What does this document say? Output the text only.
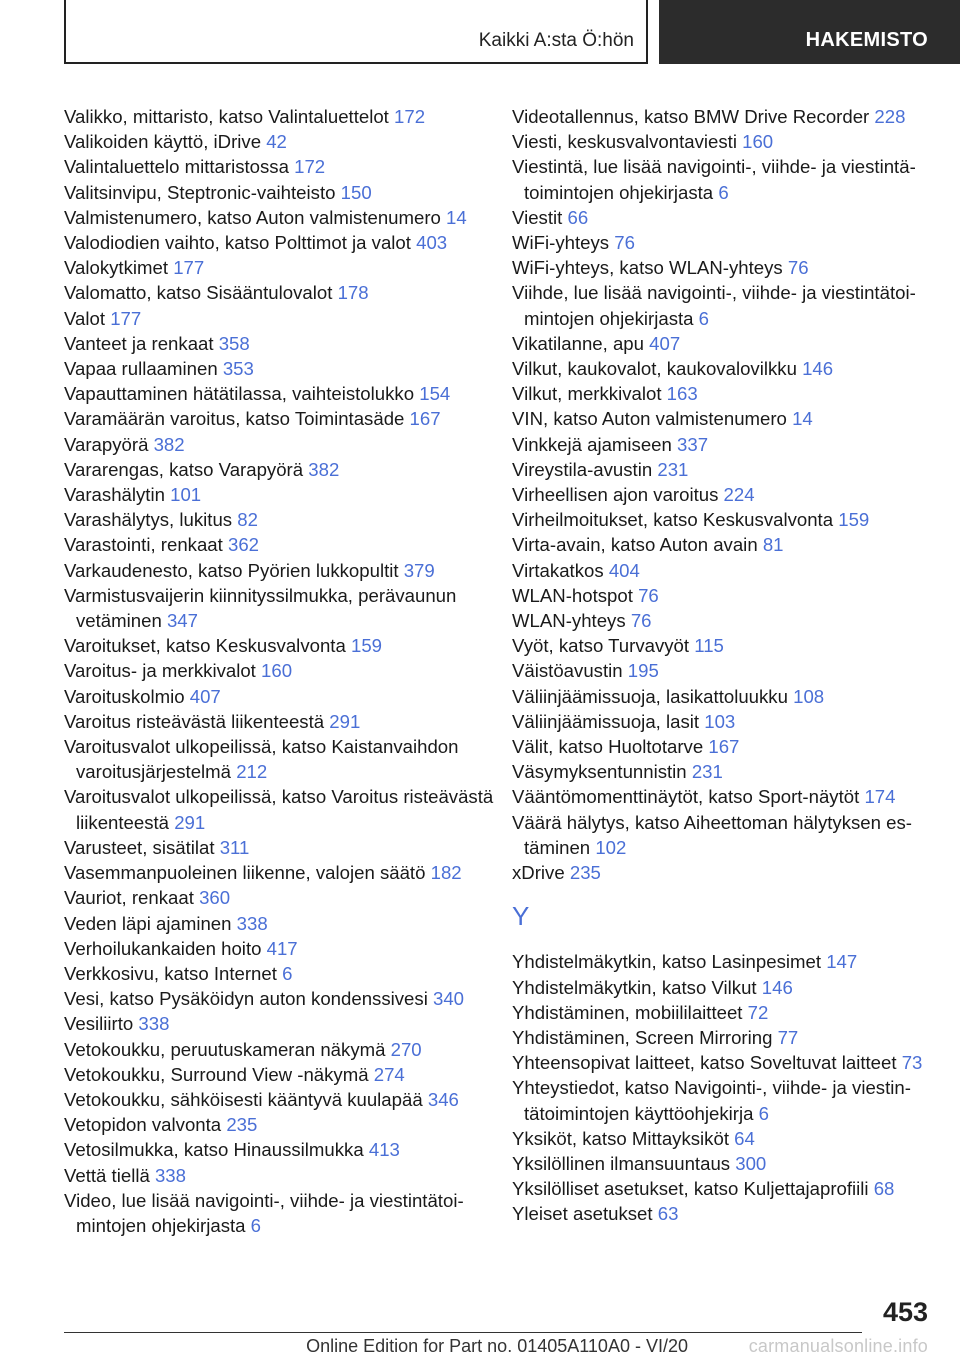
Kaikki A:sta Ö:hön	HAKEMISTO
Valikko, mittaristo, katso Valintaluettelot 172
Valikoiden käyttö, iDrive 42
Valintaluettelo mittaristossa 172
Valitsinvipu, Steptronic-vaihteisto 150
Valmistenumero, katso Auton valmistenumero 14
Valodiodien vaihto, katso Polttimot ja valot 403
Valokytkimet 177
Valomatto, katso Sisääntulovalot 178
Valot 177
Vanteet ja renkaat 358
Vapaa rullaaminen 353
Vapauttaminen hätätilassa, vaihteistolukko 154
Varamäärän varoitus, katso Toimintasäde 167
Varapyörä 382
Vararengas, katso Varapyörä 382
Varashälytin 101
Varashälytys, lukitus 82
Varastointi, renkaat 362
Varkaudenesto, katso Pyörien lukkopultit 379
Varmistusvaijerin kiinnityssilmukka, perävaunun vetäminen 347
Varoitukset, katso Keskusvalvonta 159
Varoitus- ja merkkivalot 160
Varoituskolmio 407
Varoitus risteävästä liikenteestä 291
Varoitusvalot ulkopeilissä, katso Kaistanvaihdon varoitusjärjestelmä 212
Varoitusvalot ulkopeilissä, katso Varoitus risteävästä liikenteestä 291
Varusteet, sisätilat 311
Vasemmanpuoleinen liikenne, valojen säätö 182
Vauriot, renkaat 360
Veden läpi ajaminen 338
Verhoilukankaiden hoito 417
Verkkosivu, katso Internet 6
Vesi, katso Pysäköidyn auton kondenssivesi 340
Vesiliirto 338
Vetokoukku, peruutuskameran näkymä 270
Vetokoukku, Surround View -näkymä 274
Vetokoukku, sähköisesti kääntyvä kuulapää 346
Vetopidon valvonta 235
Vetosilmukka, katso Hinaussilmukka 413
Vettä tiellä 338
Video, lue lisää navigointi-, viihde- ja viestintätoimintojen ohjekirjasta 6
Videotallennus, katso BMW Drive Recorder 228
Viesti, keskusvalvontaviesti 160
Viestintä, lue lisää navigointi-, viihde- ja viestintätoimintojen ohjekirjasta 6
Viestit 66
WiFi-yhteys 76
WiFi-yhteys, katso WLAN-yhteys 76
Viihde, lue lisää navigointi-, viihde- ja viestintätoimintojen ohjekirjasta 6
Vikatilanne, apu 407
Vilkut, kaukovalot, kaukovalovilkku 146
Vilkut, merkkivalot 163
VIN, katso Auton valmistenumero 14
Vinkkejä ajamiseen 337
Vireystila-avustin 231
Virheellisen ajon varoitus 224
Virheilmoitukset, katso Keskusvalvonta 159
Virta-avain, katso Auton avain 81
Virtakatkos 404
WLAN-hotspot 76
WLAN-yhteys 76
Vyöt, katso Turvavyöt 115
Väistöavustin 195
Väliinjäämissuoja, lasikattoluukku 108
Väliinjäämissuoja, lasit 103
Välit, katso Huoltotarve 167
Väsymyksentunnistin 231
Vääntömomenttinäytöt, katso Sport-näytöt 174
Väärä hälytys, katso Aiheettoman hälytyksen estäminen 102
xDrive 235
Y
Yhdistelmäkytkin, katso Lasinpesimet 147
Yhdistelmäkytkin, katso Vilkut 146
Yhdistäminen, mobiililaitteet 72
Yhdistäminen, Screen Mirroring 77
Yhteensopivat laitteet, katso Soveltuvat laitteet 73
Yhteystiedot, katso Navigointi-, viihde- ja viestintätoimintojen käyttöohjekirja 6
Yksiköt, katso Mittayksiköt 64
Yksilöllinen ilmansuuntaus 300
Yksilölliset asetukset, katso Kuljettajaprofiili 68
Yleiset asetukset 63
453
Online Edition for Part no. 01405A110A0 - VI/20	carmanualsonline.info
